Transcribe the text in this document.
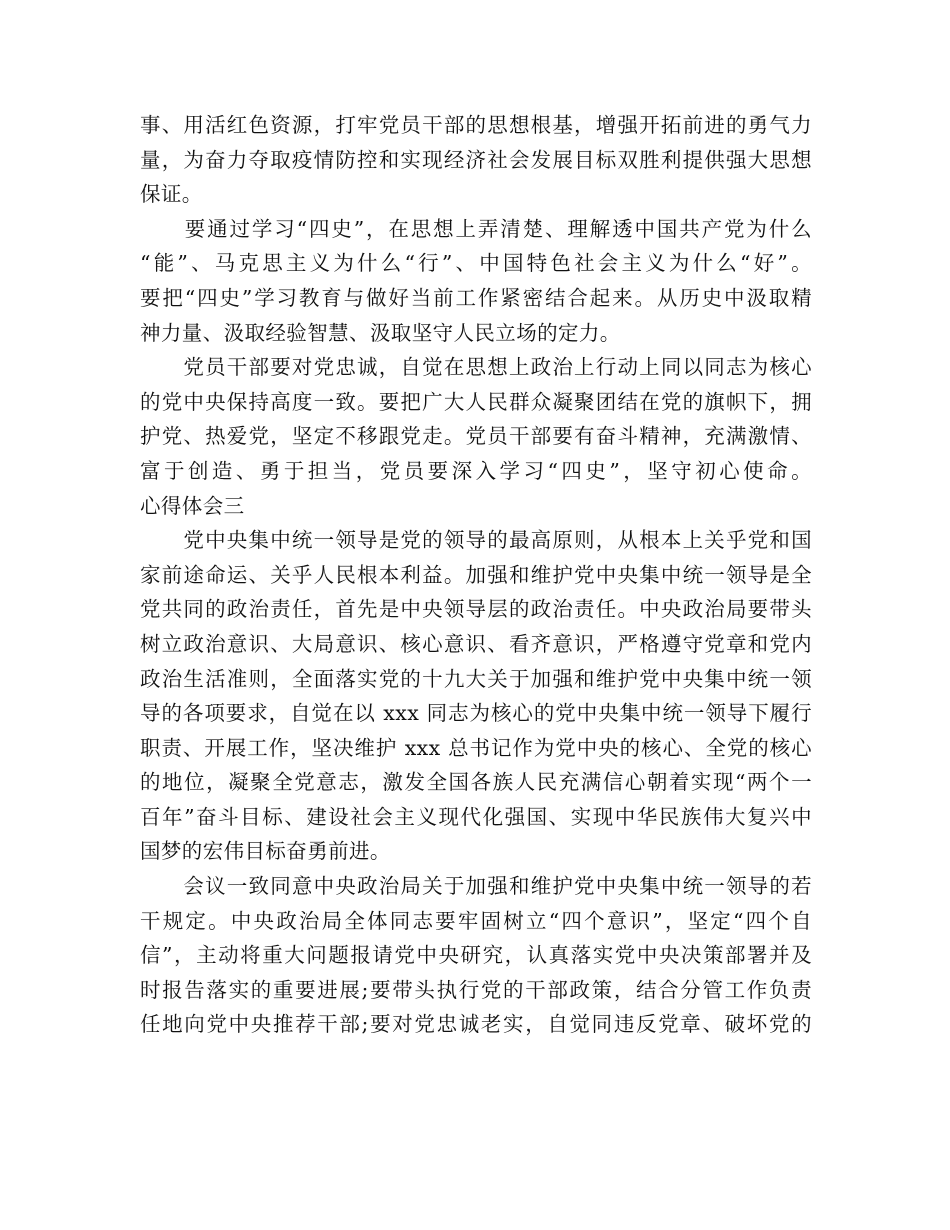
事、用活红色资源，打牢党员干部的思想根基，增强开拓前进的勇气力
量，为奋力夺取疫情防控和实现经济社会发展目标双胜利提供强大思想
保证。
　　要通过学习“四史”，在思想上弄清楚、理解透中国共产党为什么
“能”、马克思主义为什么“行”、中国特色社会主义为什么“好”。
要把“四史”学习教育与做好当前工作紧密结合起来。从历史中汲取精
神力量、汲取经验智慧、汲取坚守人民立场的定力。
　　党员干部要对党忠诚，自觉在思想上政治上行动上同以同志为核心
的党中央保持高度一致。要把广大人民群众凝聚团结在党的旗帜下，拥
护党、热爱党，坚定不移跟党走。党员干部要有奋斗精神，充满激情、
富于创造、勇于担当，党员要深入学习“四史”，坚守初心使命。
心得体会三
　　党中央集中统一领导是党的领导的最高原则，从根本上关乎党和国
家前途命运、关乎人民根本利益。加强和维护党中央集中统一领导是全
党共同的政治责任，首先是中央领导层的政治责任。中央政治局要带头
树立政治意识、大局意识、核心意识、看齐意识，严格遵守党章和党内
政治生活准则，全面落实党的十九大关于加强和维护党中央集中统一领
导的各项要求，自觉在以 xxx 同志为核心的党中央集中统一领导下履行
职责、开展工作，坚决维护 xxx 总书记作为党中央的核心、全党的核心
的地位，凝聚全党意志，激发全国各族人民充满信心朝着实现“两个一
百年”奋斗目标、建设社会主义现代化强国、实现中华民族伟大复兴中
国梦的宏伟目标奋勇前进。
　　会议一致同意中央政治局关于加强和维护党中央集中统一领导的若
干规定。中央政治局全体同志要牢固树立“四个意识”，坚定“四个自
信”，主动将重大问题报请党中央研究，认真落实党中央决策部署并及
时报告落实的重要进展;要带头执行党的干部政策，结合分管工作负责
任地向党中央推荐干部;要对党忠诚老实，自觉同违反党章、破坏党的
